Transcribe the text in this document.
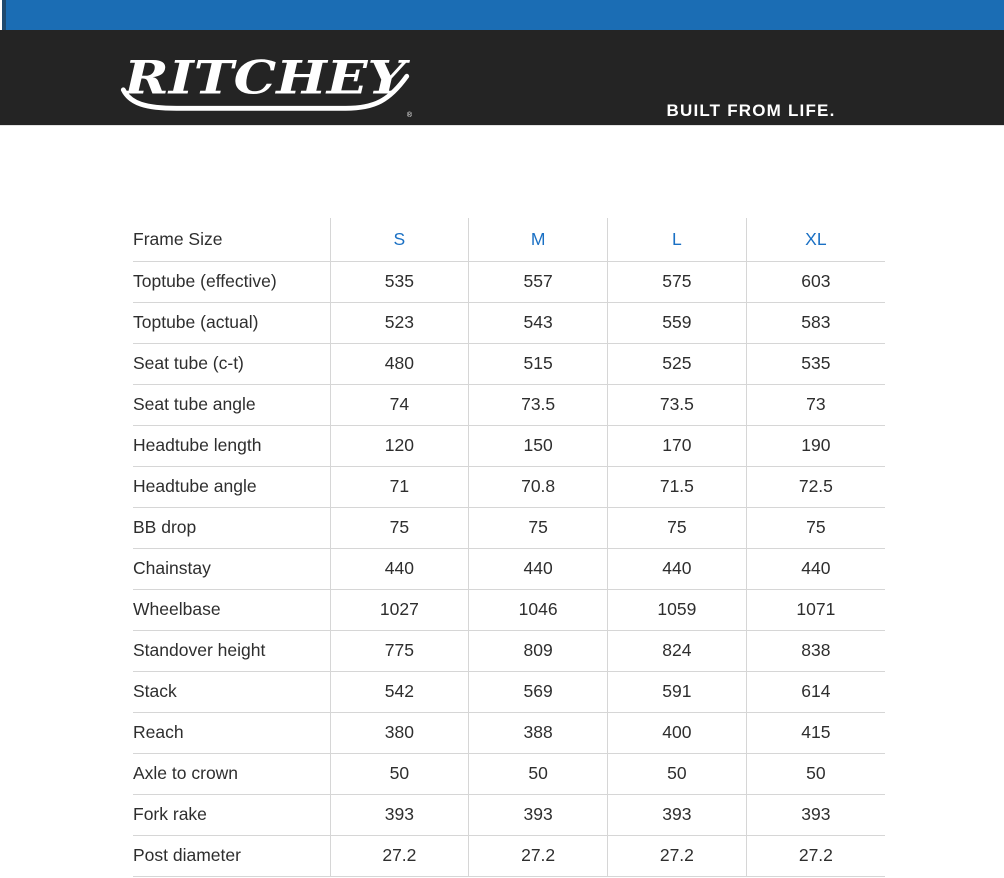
RITCHEY
®	BUILT FROM LIFE.
Frame Size	S	M	L	XL
Toptube (effective)	535	557	575	603
Toptube (actual)	523	543	559	583
Seat tube (c-t)	480	515	525	535
Seat tube angle	74	73.5	73.5	73
Headtube length	120	150	170	190
Headtube angle	71	70.8	71.5	72.5
BB drop	75	75	75	75
Chainstay	440	440	440	440
Wheelbase	1027	1046	1059	1071
Standover height	775	809	824	838
Stack	542	569	591	614
Reach	380	388	400	415
Axle to crown	50	50	50	50
Fork rake	393	393	393	393
Post diameter	27.2	27.2	27.2	27.2
